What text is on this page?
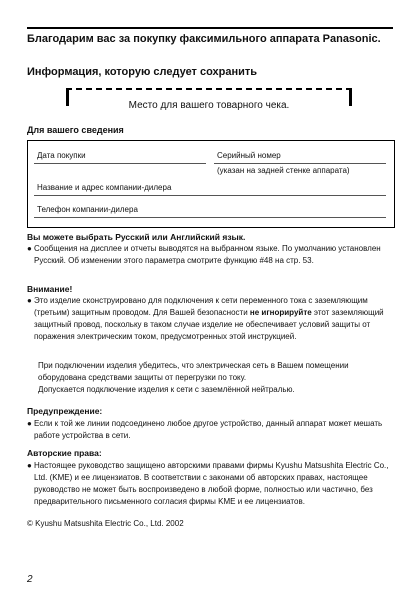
Благодарим вас за покупку факсимильного аппарата Panasonic.
Информация, которую следует сохранить
Место для вашего товарного чека.
Для вашего сведения
Дата покупки	Серийный номер
(указан на задней стенке аппарата)
Название и адрес компании-дилера
Телефон компании-дилера
Вы можете выбрать Русский или Английский язык.
● Сообщения на дисплее и отчеты выводятся на выбранном языке. По умолчанию установлен Русский. Об изменении этого параметра смотрите функцию #48 на стр. 53.
Внимание!
● Это изделие сконструировано для подключения к сети переменного тока с заземляющим (третьим) защитным проводом. Для Вашей безопасности не игнорируйте этот заземляющий защитный провод, поскольку в таком случае изделие не обеспечивает условий защиты от поражения электрическим током, предусмотренных этой инструкцией.
При подключении изделия убедитесь, что электрическая сеть в Вашем помещении оборудована средствами защиты от перегрузки по току.
Допускается подключение изделия к сети с заземлённой нейтралью.
Предупреждение:
● Если к той же линии подсоединено любое другое устройство, данный аппарат может мешать работе устройства в сети.
Авторские права:
● Настоящее руководство защищено авторскими правами фирмы Kyushu Matsushita Electric Co., Ltd. (KME) и ее лицензиатов. В соответствии с законами об авторских правах, настоящее руководство не может быть воспроизведено в любой форме, полностью или частично, без предварительного письменного согласия фирмы KME и ее лицензиатов.
© Kyushu Matsushita Electric Co., Ltd. 2002
2
